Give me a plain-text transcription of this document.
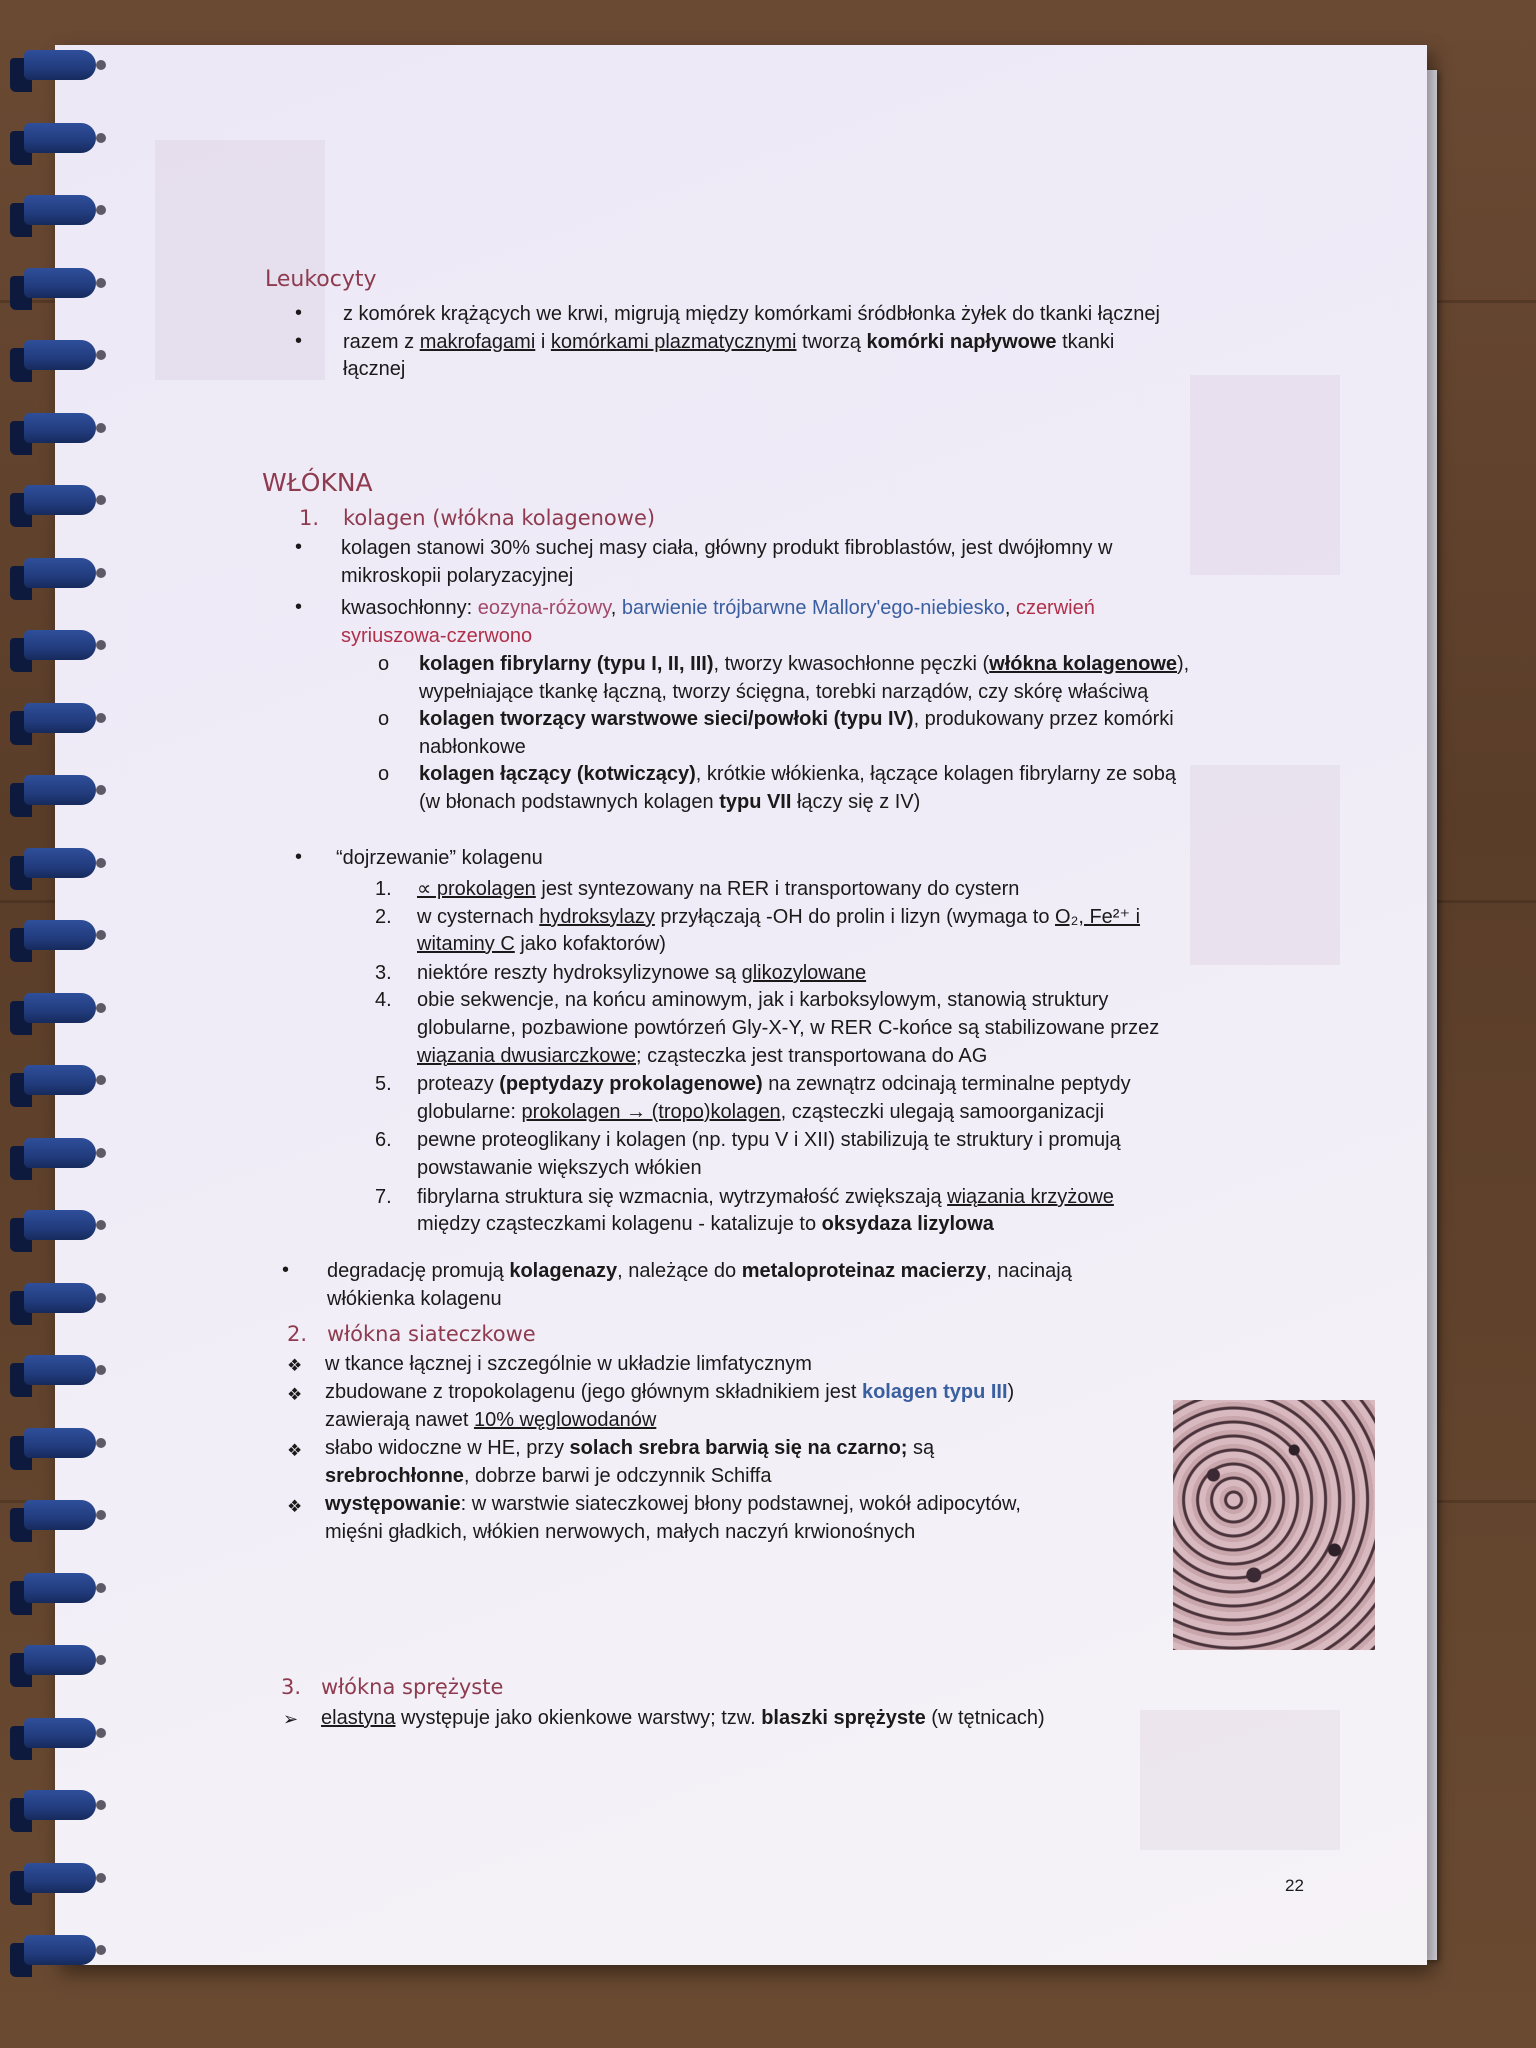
Leukocyty
• z komórek krążących we krwi, migrują między komórkami śródbłonka żyłek do tkanki łącznej
• razem z makrofagami i komórkami plazmatycznymi tworzą komórki napływowe tkanki
łącznej
WŁÓKNA
1. kolagen (włókna kolagenowe)
• kolagen stanowi 30% suchej masy ciała, główny produkt fibroblastów, jest dwójłomny w
mikroskopii polaryzacyjnej
• kwasochłonny: eozyna-różowy, barwienie trójbarwne Mallory'ego-niebiesko, czerwień
syriuszowa-czerwono
o kolagen fibrylarny (typu I, II, III), tworzy kwasochłonne pęczki (włókna kolagenowe),
wypełniające tkankę łączną, tworzy ścięgna, torebki narządów, czy skórę właściwą
o kolagen tworzący warstwowe sieci/powłoki (typu IV), produkowany przez komórki
nabłonkowe
o kolagen łączący (kotwiczący), krótkie włókienka, łączące kolagen fibrylarny ze sobą
(w błonach podstawnych kolagen typu VII łączy się z IV)
• “dojrzewanie” kolagenu
1. ∝ prokolagen jest syntezowany na RER i transportowany do cystern
2. w cysternach hydroksylazy przyłączają -OH do prolin i lizyn (wymaga to O₂, Fe²⁺ i
witaminy C jako kofaktorów)
3. niektóre reszty hydroksylizynowe są glikozylowane
4. obie sekwencje, na końcu aminowym, jak i karboksylowym, stanowią struktury
globularne, pozbawione powtórzeń Gly-X-Y, w RER C-końce są stabilizowane przez
wiązania dwusiarczkowe; cząsteczka jest transportowana do AG
5. proteazy (peptydazy prokolagenowe) na zewnątrz odcinają terminalne peptydy
globularne: prokolagen → (tropo)kolagen, cząsteczki ulegają samoorganizacji
6. pewne proteoglikany i kolagen (np. typu V i XII) stabilizują te struktury i promują
powstawanie większych włókien
7. fibrylarna struktura się wzmacnia, wytrzymałość zwiększają wiązania krzyżowe
między cząsteczkami kolagenu - katalizuje to oksydaza lizylowa
• degradację promują kolagenazy, należące do metaloproteinaz macierzy, nacinają
włókienka kolagenu
2. włókna siateczkowe
❖ w tkance łącznej i szczególnie w układzie limfatycznym
❖ zbudowane z tropokolagenu (jego głównym składnikiem jest kolagen typu III)
zawierają nawet 10% węglowodanów
❖ słabo widoczne w HE, przy solach srebra barwią się na czarno; są
srebrochłonne, dobrze barwi je odczynnik Schiffa
❖ występowanie: w warstwie siateczkowej błony podstawnej, wokół adipocytów,
mięśni gładkich, włókien nerwowych, małych naczyń krwionośnych
3. włókna sprężyste
➢ elastyna występuje jako okienkowe warstwy; tzw. blaszki sprężyste (w tętnicach)
22
